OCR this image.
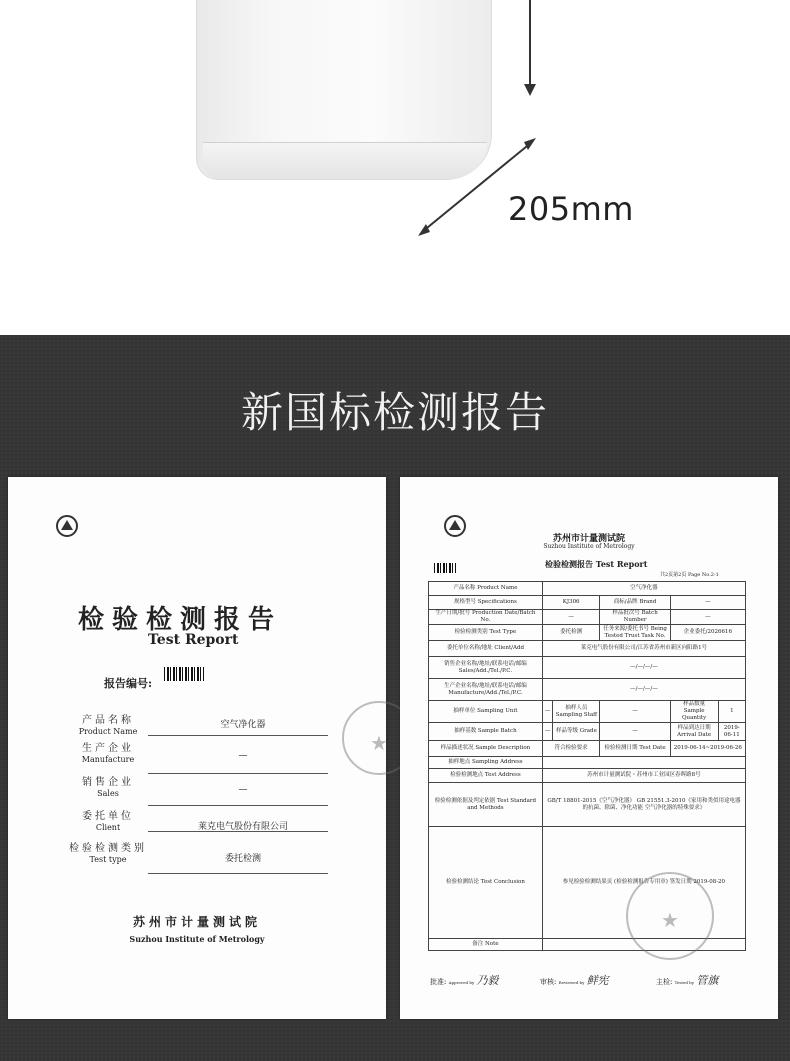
205mm
新国标检测报告
检验检测报告
Test Report
报告编号:
产品名称
Product Name
空气净化器
生产企业
Manufacture	—
销售企业
Sales	—
委托单位
Client	莱克电气股份有限公司
检验检测类别
Test type	委托检测
★
苏州市计量测试院
Suzhou Institute of Metrology
苏州市计量测试院
Suzhou Institute of Metrology
检验检测报告 Test Report
共2页第2页 Page No.2-1
产品名称 Product Name	空气净化器				
规格型号 Specifications	KJ306		商标/品牌 Brand	—	
生产日期/批号 Production Date/Batch No.	—		样品批次号 Batch Number	—	
检验检测类别 Test Type	委托检测		任务来源/委托书号 Being Tested Trust Task No.	企业委托/2026616	
委托单位名称/地址 Client/Add	莱克电气股份有限公司/江苏省苏州市新区向阳路1号				
销售企业名称/地址/联系电话/邮编 Sales/Add./Tel./P.C.	—/—/—/—				
生产企业名称/地址/联系电话/邮编 Manufacture/Add./Tel./P.C.	—/—/—/—				
抽样单位 Sampling Unit	—	抽样人员 Sampling Staff	—	样品数量 Sample Quantity	1
抽样基数 Sample Batch	—	样品等级 Grade	—	样品到达日期 Arrival Date	2019-06-11
样品描述状况 Sample Description	符合检验要求		检验检测日期 Test Date	2019-06-14~2019-06-26	
抽样地点 Sampling Address					
检验检测地点 Test Address	苏州市计量测试院・苏州市工业园区春晖路8号				
检验检测依据及判定依据 Test Standard and Methods	GB/T 18801-2015《空气净化器》 GB 21551.3-2010《家用和类似用途电器的抗菌、除菌、净化功能 空气净化器的特殊要求》				
检验检测结论 Test Conclusion	参见检验检测结果页 (检验检测报告专用章) 签发日期 2019-08-20				
备注 Note					
★
批准: Approved by 乃毅	审核: Reviewed by 鲜宪	主检: Tested by 管旗
